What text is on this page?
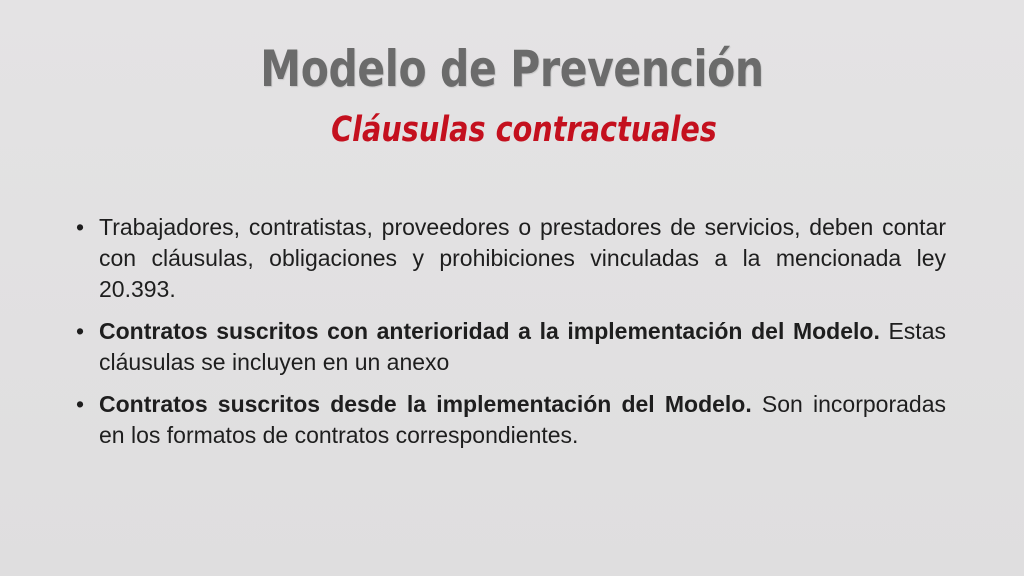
Modelo de Prevención
Cláusulas contractuales
• Trabajadores, contratistas, proveedores o prestadores de servicios, deben contar con cláusulas, obligaciones y prohibiciones vinculadas a la mencionada ley 20.393.
• Contratos suscritos con anterioridad a la implementación del Modelo. Estas cláusulas se incluyen en un anexo
• Contratos suscritos desde la implementación del Modelo. Son incorporadas en los formatos de contratos correspondientes.
